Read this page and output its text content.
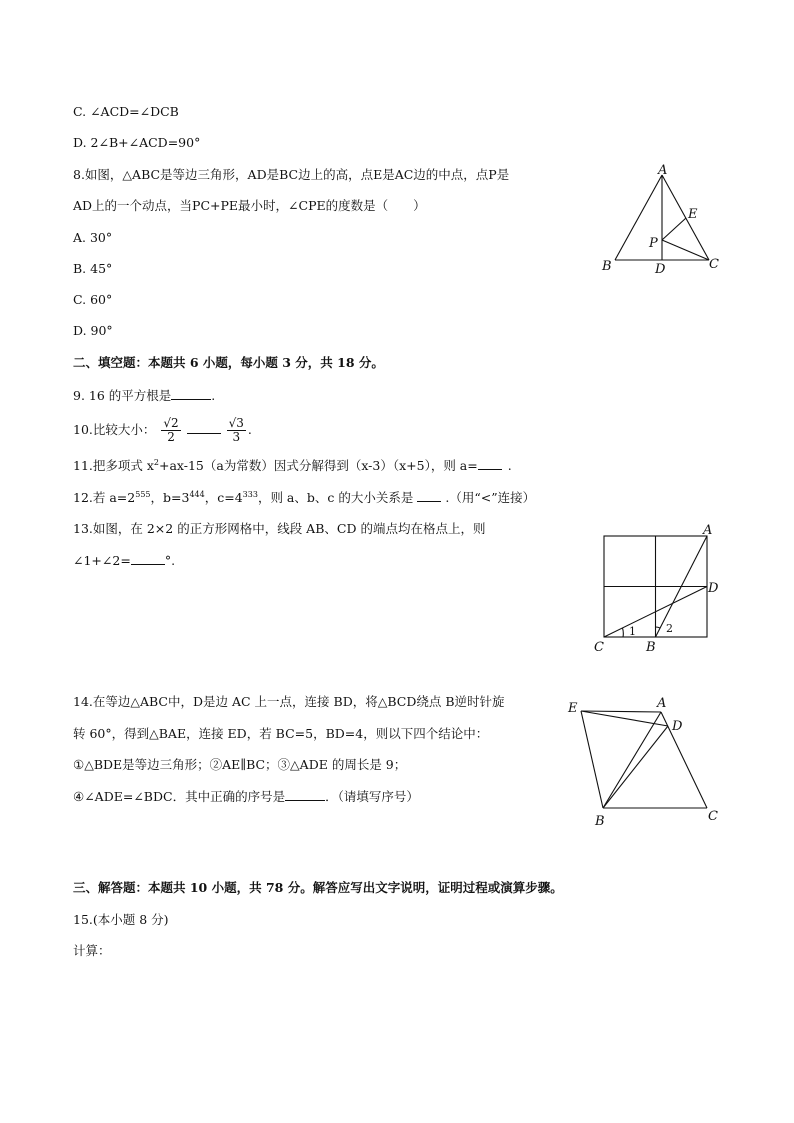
C. ∠ACD=∠DCB
D. 2∠B+∠ACD=90°
8.如图，△ABC是等边三角形，AD是BC边上的高，点E是AC边的中点，点P是
AD上的一个动点，当PC+PE最小时，∠CPE的度数是（　　）
A. 30°
B. 45°
C. 60°
D. 90°
A
B	C
D
E
P
二、填空题：本题共 6 小题，每小题 3 分，共 18 分。
9. 16 的平方根是	.
10.比较大小： $\frac{√2}{2}$
	$\frac{√3}{3}$ .
11.把多项式 $x^2+ax-15(a$为常数）因式分解得到（x-3）（x+5），则 a= .
12.若 $a=2^{555}$，$b=3^{444}$，$c=4^{333}$，则 a、b、c 的大小关系是	.（用“<”连接）
13.如图，在 2×2 的正方形网格中，线段 AB、CD 的端点均在格点上，则
∠1+∠2=	°.
A
B
C
D
1	2
14.在等边△ABC中，D是边 AC 上一点，连接 BD，将△BCD绕点 B逆时针旋
转 60°，得到△BAE，连接 ED，若 BC=5，BD=4，则以下四个结论中：
①△BDE是等边三角形；②AE∥BC；③△ADE 的周长是 9；
④∠ADE=∠BDC．其中正确的序号是	．（请填写序号）
A
B	C
D
E
三、解答题：本题共 10 小题，共 78 分。解答应写出文字说明，证明过程或演算步骤。
15.(本小题 8 分)
计算：
